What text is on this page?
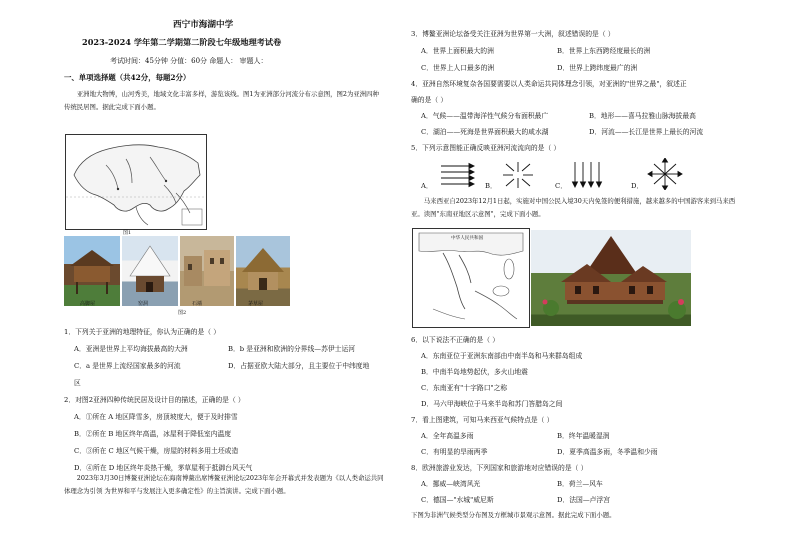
西宁市海湖中学
2023-2024 学年第二学期第二阶段七年级地理考试卷
考试时间：45分钟 分值：60分 命题人： 审题人：
一、单项选择题（共42分，每题2分）
亚洲地大物博，山河秀美，地域文化丰富多样，游览该线。图1为亚洲部分河流分布示意图，图2为亚洲四种传统民居图。据此完成下面小题。
图1
高脚屋	窑洞	石墙	茅草屋
图2
1．下列关于亚洲的地理特征，你认为正确的是（ ）
A．亚洲是世界上平均海拔最高的大洲	B．b 是亚洲和欧洲的分界线—苏伊士运河
C．a 是世界上流经国家最多的河流	D．占据亚欧大陆大部分，且主要位于中纬度地
区
2．对图2亚洲四种传统民居及设计目的描述，正确的是（ ）
A．①所在 A 地区降雪多，房顶坡度大，便于及时排雪
B．②所在 B 地区终年高温，冰屋利于降低室内温度
C．③所在 C 地区气候干燥，房屋的材料多用土坯或造
D．④所在 D 地区终年炎热干燥，茅草屋利于抵御台风天气
2023年3月30日博鳌亚洲论坛在海南博鳌出席博鳌亚洲论坛2023年年会开幕式并发表题为《以人类命运共同体理念为引领 为世界和平与发展注入更多确定性》的主旨演讲。完成下面小题。
3．博鳌亚洲论坛备受关注亚洲为世界第一大洲，叙述错误的是（ ）
A．世界上面积最大的洲	B．世界上东西跨经度最长的洲
C．世界上人口最多的洲	D．世界上跨纬度最广的洲
4．亚洲自然环境复杂各国要需要以人类命运共同体理念引领，对亚洲的"世界之最"，叙述正
确的是（ ）
A．气候——温带海洋性气候分布面积最广	B．地形——喜马拉雅山脉海拔最高
C．湖泊——死海是世界面积最大的咸水湖	D．河流——长江是世界上最长的河流
5．下列示意图能正确反映亚洲河流流向的是（ ）
A．	B．	C．	D．
马来西亚自2023年12月1日起，实施对中国公民入境30天内免签的便利措施，越来越多的中国游客来到马来西亚。读图"东南亚地区示意图"，完成下面小题。
中华人民共和国
6．以下说法不正确的是（ ）
A．东南亚位于亚洲东南部由中南半岛和马来群岛组成
B．中南半岛地势起伏，多火山地震
C．东南亚有"十字路口"之称
D．马六甲海峡位于马来半岛和苏门答腊岛之间
7．看上图建筑，可知马来西亚气候特点是（ ）
A．全年高温多雨	B．终年温暖湿润
C．有明显的旱雨两季	D．夏季高温多雨，冬季温和少雨
8．欧洲旅游业发达，下列国家和旅游地对应错误的是（ ）
A．挪威—峡湾风光	B．荷兰—风车
C．德国—"水城"威尼斯	D．法国—卢浮宫
下图为非洲气候类型分布图及方框城市景观示意图。据此完成下面小题。
